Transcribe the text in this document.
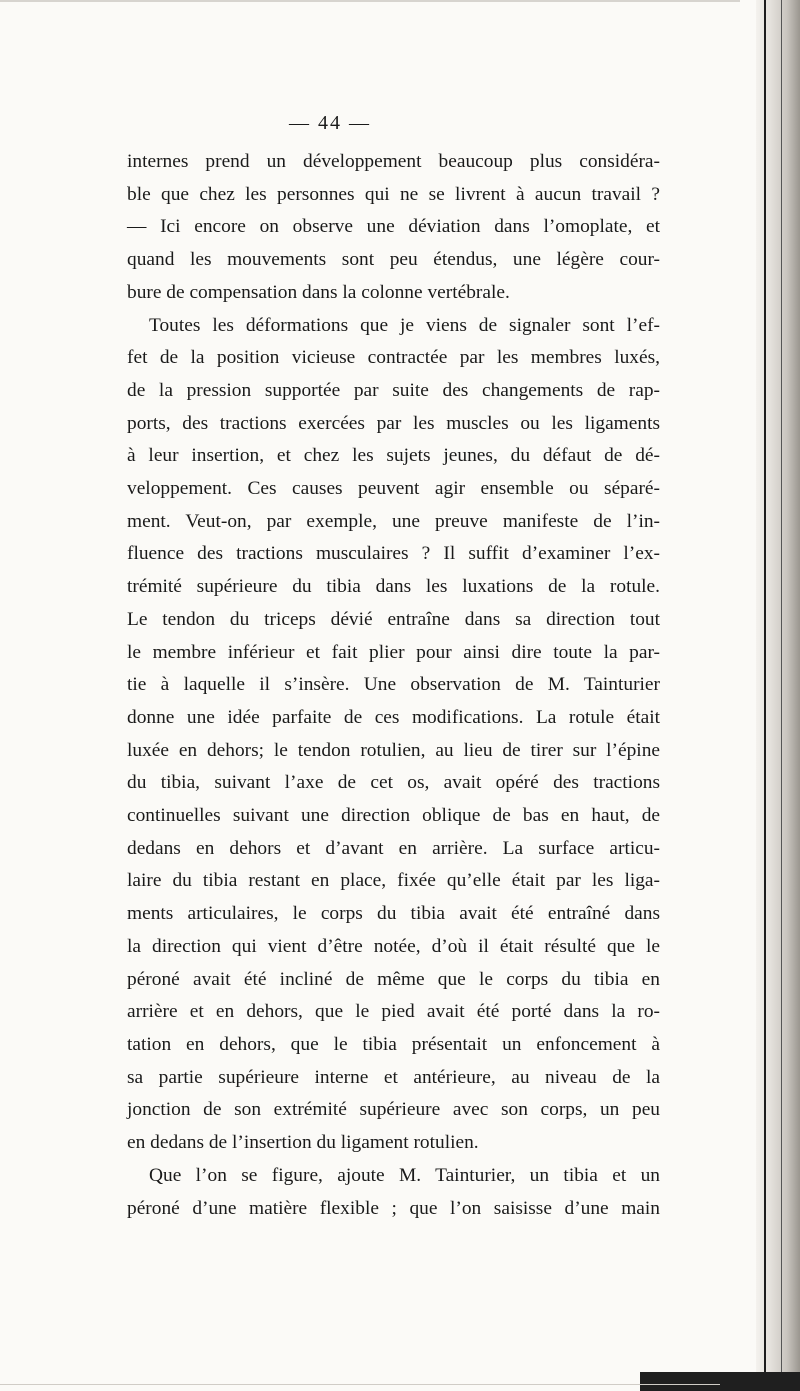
— 44 —
internes prend un développement beaucoup plus considéra-
ble que chez les personnes qui ne se livrent à aucun travail ?
— Ici encore on observe une déviation dans l’omoplate, et
quand les mouvements sont peu étendus, une légère cour-
bure de compensation dans la colonne vertébrale.
Toutes les déformations que je viens de signaler sont l’ef-
fet de la position vicieuse contractée par les membres luxés,
de la pression supportée par suite des changements de rap-
ports, des tractions exercées par les muscles ou les ligaments
à leur insertion, et chez les sujets jeunes, du défaut de dé-
veloppement. Ces causes peuvent agir ensemble ou séparé-
ment. Veut-on, par exemple, une preuve manifeste de l’in-
fluence des tractions musculaires ? Il suffit d’examiner l’ex-
trémité supérieure du tibia dans les luxations de la rotule.
Le tendon du triceps dévié entraîne dans sa direction tout
le membre inférieur et fait plier pour ainsi dire toute la par-
tie à laquelle il s’insère. Une observation de M. Tainturier
donne une idée parfaite de ces modifications. La rotule était
luxée en dehors; le tendon rotulien, au lieu de tirer sur l’épine
du tibia, suivant l’axe de cet os, avait opéré des tractions
continuelles suivant une direction oblique de bas en haut, de
dedans en dehors et d’avant en arrière. La surface articu-
laire du tibia restant en place, fixée qu’elle était par les liga-
ments articulaires, le corps du tibia avait été entraîné dans
la direction qui vient d’être notée, d’où il était résulté que le
péroné avait été incliné de même que le corps du tibia en
arrière et en dehors, que le pied avait été porté dans la ro-
tation en dehors, que le tibia présentait un enfoncement à
sa partie supérieure interne et antérieure, au niveau de la
jonction de son extrémité supérieure avec son corps, un peu
en dedans de l’insertion du ligament rotulien.
Que l’on se figure, ajoute M. Tainturier, un tibia et un
péroné d’une matière flexible ; que l’on saisisse d’une main
